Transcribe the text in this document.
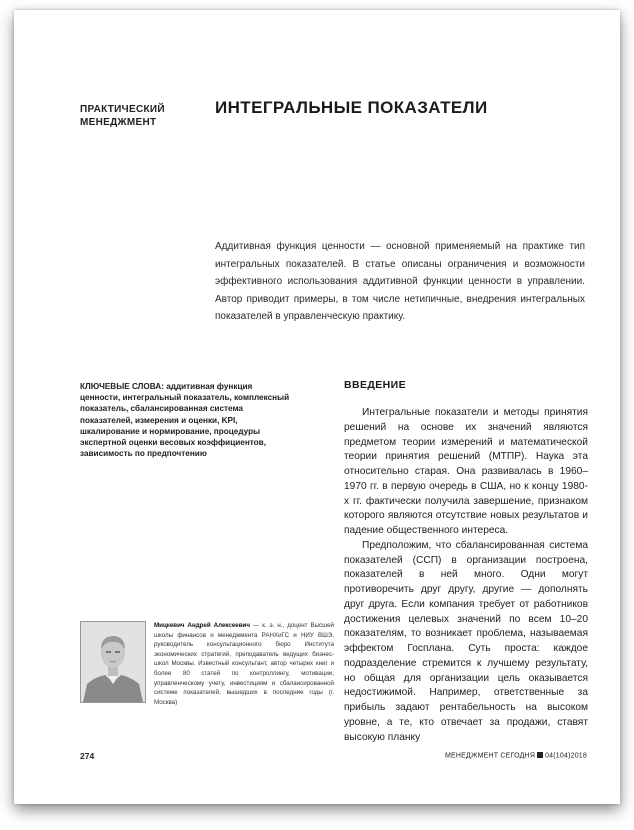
ПРАКТИЧЕСКИЙ
МЕНЕДЖМЕНТ
ИНТЕГРАЛЬНЫЕ ПОКАЗАТЕЛИ

Аддитивная функция ценности — основной применяемый на практике тип интегральных показателей. В статье описаны ограничения и возможности эффективного использования аддитивной функции ценности в управлении. Автор приводит примеры, в том числе нетипичные, внедрения интегральных показателей в управленческую практику.

КЛЮЧЕВЫЕ СЛОВА: аддитивная функция ценности, интегральный показатель, комплексный показатель, сбалансированная система показателей, измерения и оценки, KPI, шкалирование и нормирование, процедуры экспертной оценки весовых коэффициентов, зависимость по предпочтению

ВВЕДЕНИЕ

Интегральные показатели и методы принятия решений на основе их значений являются предметом теории измерений и математической теории принятия решений (МТПР). Наука эта относительно старая. Она развивалась в 1960–1970 гг. в первую очередь в США, но к концу 1980-х гг. фактически получила завершение, признаком которого являются отсутствие новых результатов и падение общественного интереса.

Предположим, что сбалансированная система показателей (ССП) в организации построена, показателей в ней много. Одни могут противоречить друг другу, другие — дополнять друг друга. Если компания требует от работников достижения целевых значений по всем 10–20 показателям, то возникает проблема, называемая эффектом Госплана. Суть проста: каждое подразделение стремится к лучшему результату, но общая для организации цель оказывается недостижимой. Например, ответственные за прибыль задают рентабельность на высоком уровне, а те, кто отвечает за продажи, ставят высокую планку

Мицкевич Андрей Алексеевич — к. э. н., доцент Высшей школы финансов и менеджмента РАНХиГС и НИУ ВШЭ, руководитель консультационного бюро Института экономических стратегий, преподаватель ведущих бизнес-школ Москвы. Известный консультант, автор четырех книг и более 80 статей по контроллингу, мотивации, управленческому учету, инвестициям и сбалансированной системе показателей, вышедших в последние годы (г. Москва)

274	МЕНЕДЖМЕНТ СЕГОДНЯ 04(104)2018
